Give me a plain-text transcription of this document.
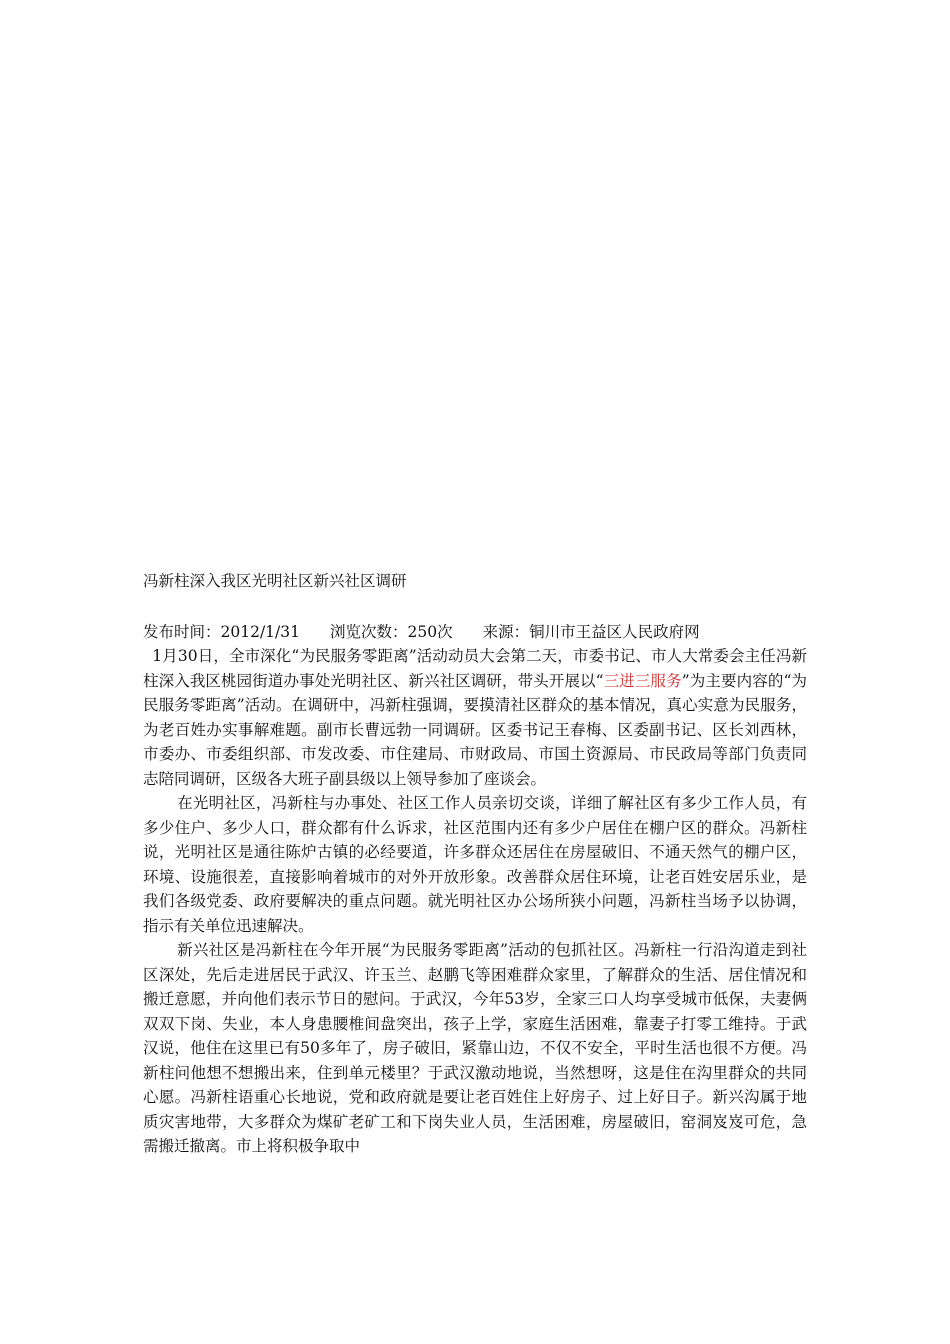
冯新柱深入我区光明社区新兴社区调研
发布时间：2012/1/31 浏览次数：250次 来源：铜川市王益区人民政府网

1月30日，全市深化“为民服务零距离”活动动员大会第二天，市委书记、市人大常委会主任冯新柱深入我区桃园街道办事处光明社区、新兴社区调研，带头开展以“三进三服务”为主要内容的“为民服务零距离”活动。在调研中，冯新柱强调，要摸清社区群众的基本情况，真心实意为民服务，为老百姓办实事解难题。副市长曹远勃一同调研。区委书记王春梅、区委副书记、区长刘西林，市委办、市委组织部、市发改委、市住建局、市财政局、市国土资源局、市民政局等部门负责同志陪同调研，区级各大班子副县级以上领导参加了座谈会。

在光明社区，冯新柱与办事处、社区工作人员亲切交谈，详细了解社区有多少工作人员，有多少住户、多少人口，群众都有什么诉求，社区范围内还有多少户居住在棚户区的群众。冯新柱说，光明社区是通往陈炉古镇的必经要道，许多群众还居住在房屋破旧、不通天然气的棚户区，环境、设施很差，直接影响着城市的对外开放形象。改善群众居住环境，让老百姓安居乐业，是我们各级党委、政府要解决的重点问题。就光明社区办公场所狭小问题，冯新柱当场予以协调，指示有关单位迅速解决。

新兴社区是冯新柱在今年开展“为民服务零距离”活动的包抓社区。冯新柱一行沿沟道走到社区深处，先后走进居民于武汉、许玉兰、赵鹏飞等困难群众家里，了解群众的生活、居住情况和搬迁意愿，并向他们表示节日的慰问。于武汉，今年53岁，全家三口人均享受城市低保，夫妻俩双双下岗、失业，本人身患腰椎间盘突出，孩子上学，家庭生活困难，靠妻子打零工维持。于武汉说，他住在这里已有50多年了，房子破旧，紧靠山边，不仅不安全，平时生活也很不方便。冯新柱问他想不想搬出来，住到单元楼里？于武汉激动地说，当然想呀，这是住在沟里群众的共同心愿。冯新柱语重心长地说，党和政府就是要让老百姓住上好房子、过上好日子。新兴沟属于地质灾害地带，大多群众为煤矿老矿工和下岗失业人员，生活困难，房屋破旧，窑洞岌岌可危，急需搬迁撤离。市上将积极争取中
